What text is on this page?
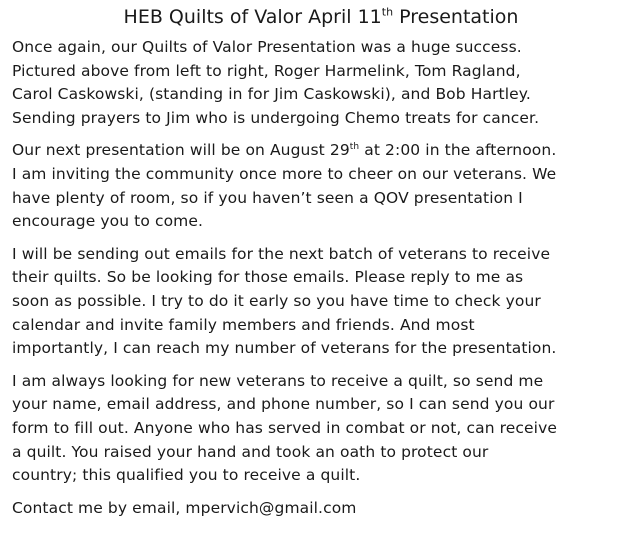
HEB Quilts of Valor April 11th Presentation

Once again, our Quilts of Valor Presentation was a huge success.
Pictured above from left to right, Roger Harmelink, Tom Ragland,
Carol Caskowski, (standing in for Jim Caskowski), and Bob Hartley.
Sending prayers to Jim who is undergoing Chemo treats for cancer.

Our next presentation will be on August 29th at 2:00 in the afternoon.
I am inviting the community once more to cheer on our veterans. We
have plenty of room, so if you haven’t seen a QOV presentation I
encourage you to come.

I will be sending out emails for the next batch of veterans to receive
their quilts. So be looking for those emails. Please reply to me as
soon as possible. I try to do it early so you have time to check your
calendar and invite family members and friends. And most
importantly, I can reach my number of veterans for the presentation.

I am always looking for new veterans to receive a quilt, so send me
your name, email address, and phone number, so I can send you our
form to fill out. Anyone who has served in combat or not, can receive
a quilt. You raised your hand and took an oath to protect our
country; this qualified you to receive a quilt.

Contact me by email, mpervich@gmail.com
